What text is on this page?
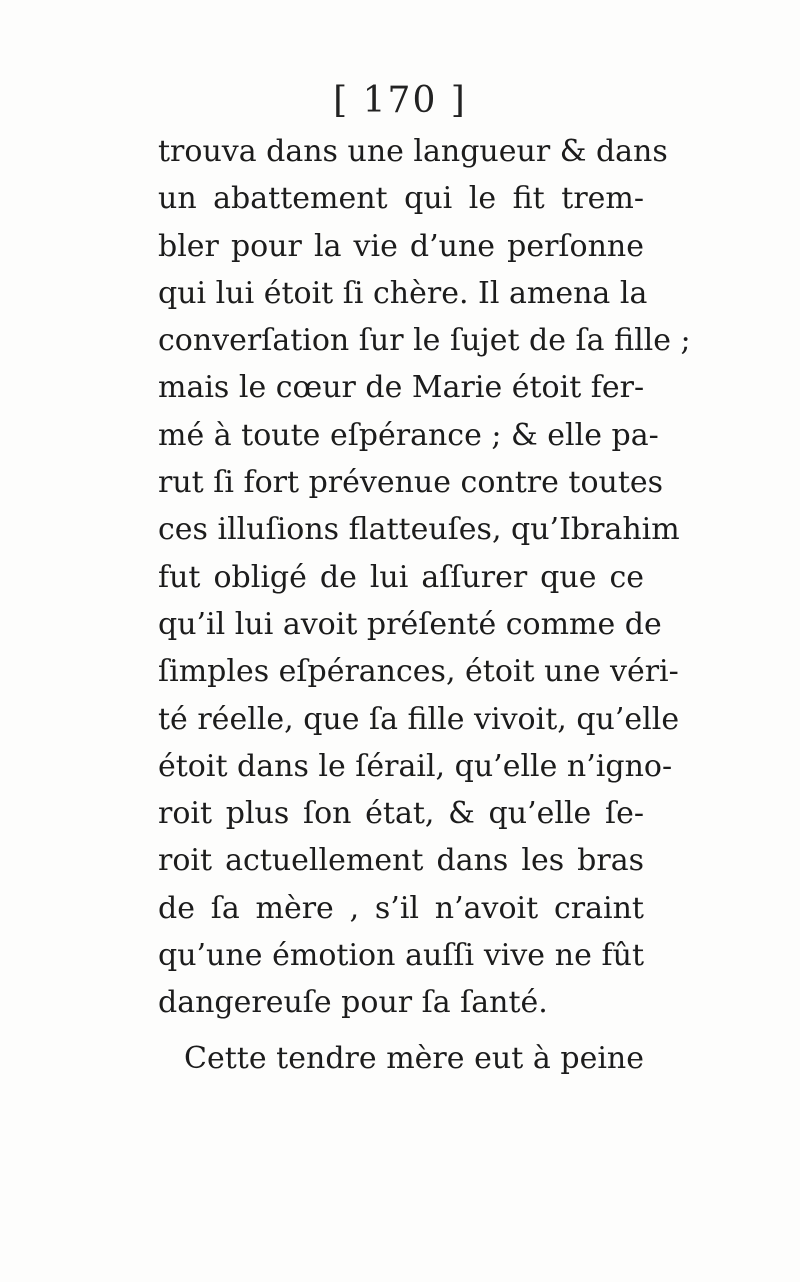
[ 170 ]
trouva dans une langueur & dans
un abattement qui le fit trem-
bler pour la vie d’une perſonne
qui lui étoit ſi chère. Il amena la
converſation ſur le ſujet de ſa fille ;
mais le cœur de Marie étoit fer-
mé à toute eſpérance ; & elle pa-
rut ſi fort prévenue contre toutes
ces illuſions flatteuſes, qu’Ibrahim
fut obligé de lui aſſurer que ce
qu’il lui avoit préſenté comme de
ſimples eſpérances, étoit une véri-
té réelle, que ſa fille vivoit, qu’elle
étoit dans le ſérail, qu’elle n’igno-
roit plus ſon état, & qu’elle ſe-
roit actuellement dans les bras
de ſa mère , s’il n’avoit craint
qu’une émotion auſſi vive ne fût
dangereuſe pour ſa ſanté.
Cette tendre mère eut à peine
